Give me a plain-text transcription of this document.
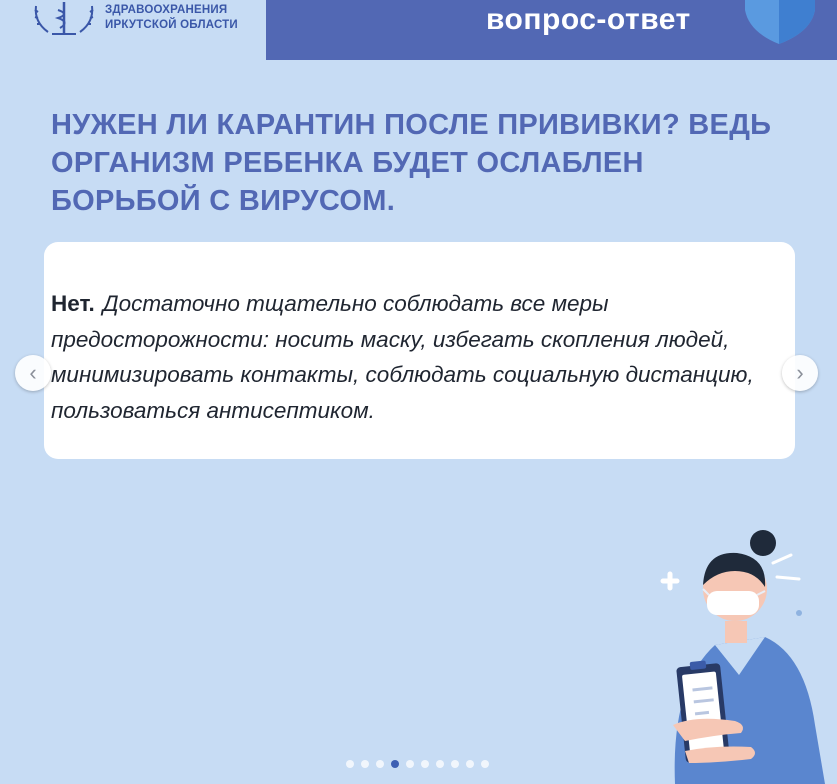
ЗДРАВООХРАНЕНИЯ
ИРКУТСКОЙ ОБЛАСТИ	вопрос-ответ
НУЖЕН ЛИ КАРАНТИН ПОСЛЕ ПРИВИВКИ? ВЕДЬ ОРГАНИЗМ РЕБЕНКА БУДЕТ ОСЛАБЛЕН БОРЬБОЙ С ВИРУСОМ.
Нет. Достаточно тщательно соблюдать все меры предосторожности: носить маску, избегать скопления людей, минимизировать контакты, соблюдать социальную дистанцию, пользоваться антисептиком.
‹	›
